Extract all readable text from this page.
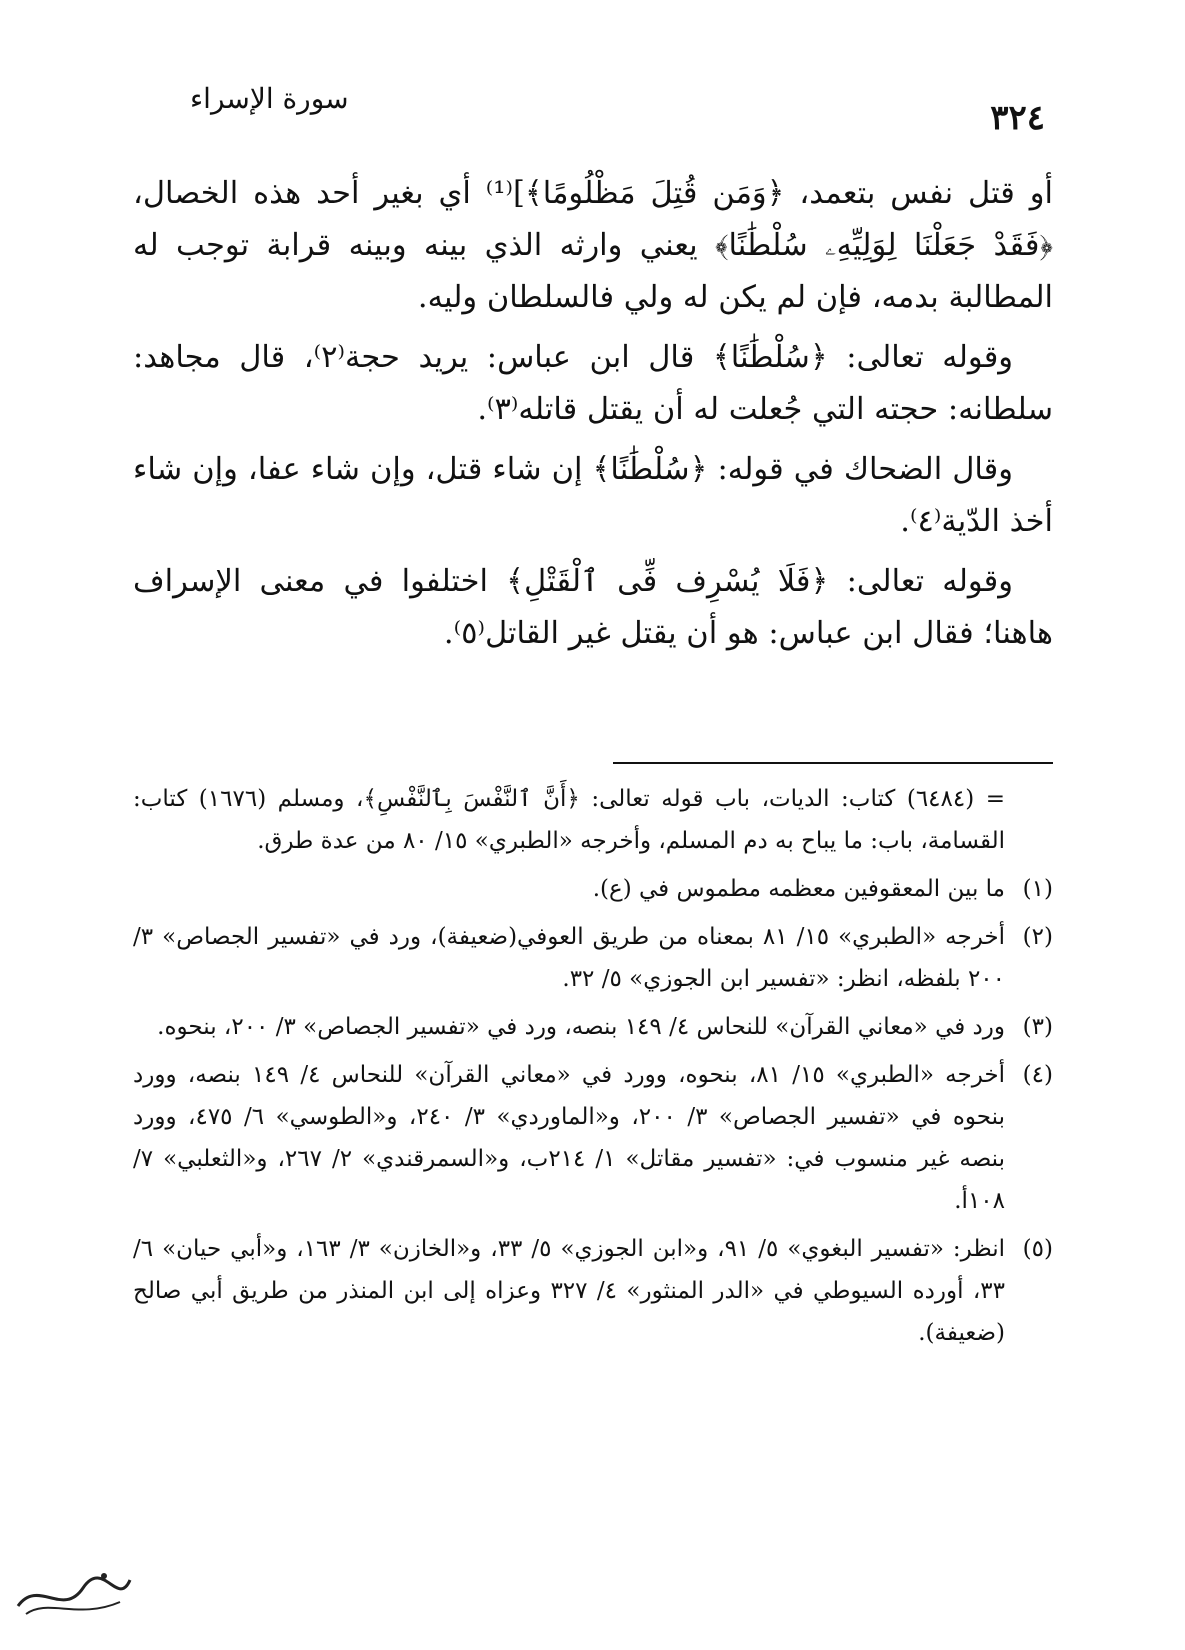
٣٢٤
سورة الإسراء

أو قتل نفس بتعمد، ﴿وَمَن قُتِلَ مَظْلُومًا﴾]⁽¹⁾ أي بغير أحد هذه الخصال، ﴿فَقَدْ جَعَلْنَا لِوَلِيِّهِۦ سُلْطَٰنًا﴾ يعني وارثه الذي بينه وبينه قرابة توجب له المطالبة بدمه، فإن لم يكن له ولي فالسلطان وليه.

وقوله تعالى: ﴿سُلْطَٰنًا﴾ قال ابن عباس: يريد حجة⁽٢⁾، قال مجاهد: سلطانه: حجته التي جُعلت له أن يقتل قاتله⁽٣⁾.

وقال الضحاك في قوله: ﴿سُلْطَٰنًا﴾ إن شاء قتل، وإن شاء عفا، وإن شاء أخذ الدّية⁽٤⁾.

وقوله تعالى: ﴿فَلَا يُسْرِف فِّى ٱلْقَتْلِ﴾ اختلفوا في معنى الإسراف هاهنا؛ فقال ابن عباس: هو أن يقتل غير القاتل⁽٥⁾.

= (٦٤٨٤) كتاب: الديات، باب قوله تعالى: ﴿أَنَّ ٱلنَّفْسَ بِٱلنَّفْسِ﴾، ومسلم (١٦٧٦) كتاب: القسامة، باب: ما يباح به دم المسلم، وأخرجه «الطبري» ١٥/ ٨٠ من عدة طرق.

(١)
ما بين المعقوفين معظمه مطموس في (ع).
(٢)
أخرجه «الطبري» ١٥/ ٨١ بمعناه من طريق العوفي(ضعيفة)، ورد في «تفسير الجصاص» ٣/ ٢٠٠ بلفظه، انظر: «تفسير ابن الجوزي» ٥/ ٣٢.
(٣)
ورد في «معاني القرآن» للنحاس ٤/ ١٤٩ بنصه، ورد في «تفسير الجصاص» ٣/ ٢٠٠، بنحوه.
(٤)
أخرجه «الطبري» ١٥/ ٨١، بنحوه، وورد في «معاني القرآن» للنحاس ٤/ ١٤٩ بنصه، وورد بنحوه في «تفسير الجصاص» ٣/ ٢٠٠، و«الماوردي» ٣/ ٢٤٠، و«الطوسي» ٦/ ٤٧٥، وورد بنصه غير منسوب في: «تفسير مقاتل» ١/ ٢١٤ب، و«السمرقندي» ٢/ ٢٦٧، و«الثعلبي» ٧/ ١٠٨أ.
(٥)
انظر: «تفسير البغوي» ٥/ ٩١، و«ابن الجوزي» ٥/ ٣٣، و«الخازن» ٣/ ١٦٣، و«أبي حيان» ٦/ ٣٣، أورده السيوطي في «الدر المنثور» ٤/ ٣٢٧ وعزاه إلى ابن المنذر من طريق أبي صالح (ضعيفة).
